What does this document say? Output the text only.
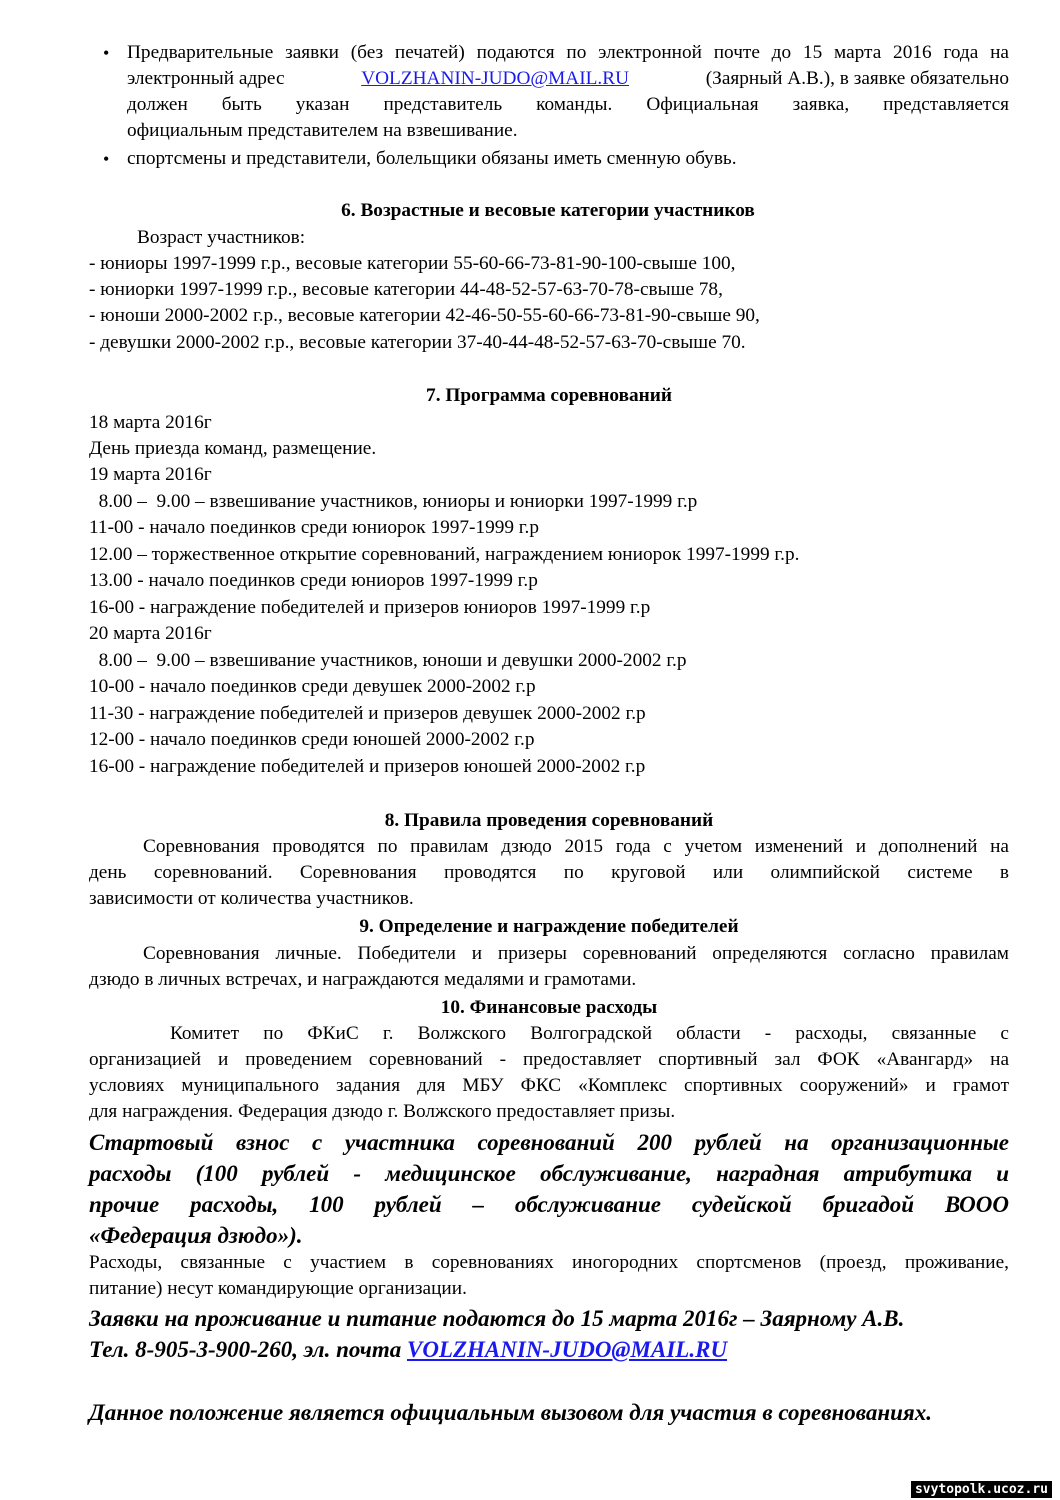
• Предварительные заявки (без печатей) подаются по электронной почте до 15 марта 2016 года на
электронный адрес	VOLZHANIN-JUDO@MAIL.RU	(Заярный А.В.), в заявке обязательно
должен быть указан представитель команды. Официальная заявка, представляется
официальным представителем на взвешивание.
• спортсмены и представители, болельщики обязаны иметь сменную обувь.
6. Возрастные и весовые категории участников
Возраст участников:
- юниоры 1997-1999 г.р., весовые категории 55-60-66-73-81-90-100-свыше 100,
- юниорки 1997-1999 г.р., весовые категории 44-48-52-57-63-70-78-свыше 78,
- юноши 2000-2002 г.р., весовые категории 42-46-50-55-60-66-73-81-90-свыше 90,
- девушки 2000-2002 г.р., весовые категории 37-40-44-48-52-57-63-70-свыше 70.
7. Программа соревнований
18 марта 2016г
День приезда команд, размещение.
19 марта 2016г
8.00 –  9.00 – взвешивание участников, юниоры и юниорки 1997-1999 г.р
11-00 - начало поединков среди юниорок 1997-1999 г.р
12.00 – торжественное открытие соревнований, награждением юниорок 1997-1999 г.р.
13.00 - начало поединков среди юниоров 1997-1999 г.р
16-00 - награждение победителей и призеров юниоров 1997-1999 г.р
20 марта 2016г
8.00 –  9.00 – взвешивание участников, юноши и девушки 2000-2002 г.р
10-00 - начало поединков среди девушек 2000-2002 г.р
11-30 - награждение победителей и призеров девушек 2000-2002 г.р
12-00 - начало поединков среди юношей 2000-2002 г.р
16-00 - награждение победителей и призеров юношей 2000-2002 г.р
8. Правила проведения соревнований
Соревнования проводятся по правилам дзюдо 2015 года с учетом изменений и дополнений на
день соревнований. Соревнования проводятся по круговой или олимпийской системе в
зависимости от количества участников.
9. Определение и награждение победителей
Соревнования личные. Победители и призеры соревнований определяются согласно правилам
дзюдо в личных встречах, и награждаются медалями и грамотами.
10. Финансовые расходы
Комитет по ФКиС г. Волжского Волгоградской области - расходы, связанные с
организацией и проведением соревнований - предоставляет спортивный зал ФОК «Авангард» на
условиях муниципального задания для МБУ ФКС «Комплекс спортивных сооружений» и грамот
для награждения. Федерация дзюдо г. Волжского предоставляет призы.
Стартовый взнос с участника соревнований 200 рублей на организационные
расходы (100 рублей - медицинское обслуживание, наградная атрибутика и
прочие расходы, 100 рублей – обслуживание судейской бригадой ВООО
«Федерация дзюдо»).
Расходы, связанные с участием в соревнованиях иногородних спортсменов (проезд, проживание,
питание) несут командирующие организации.
Заявки на проживание и питание подаются до 15 марта 2016г – Заярному А.В.
Тел. 8-905-3-900-260, эл. почта VOLZHANIN-JUDO@MAIL.RU
Данное положение является официальным вызовом для участия в соревнованиях.
svytopolk.ucoz.ru
